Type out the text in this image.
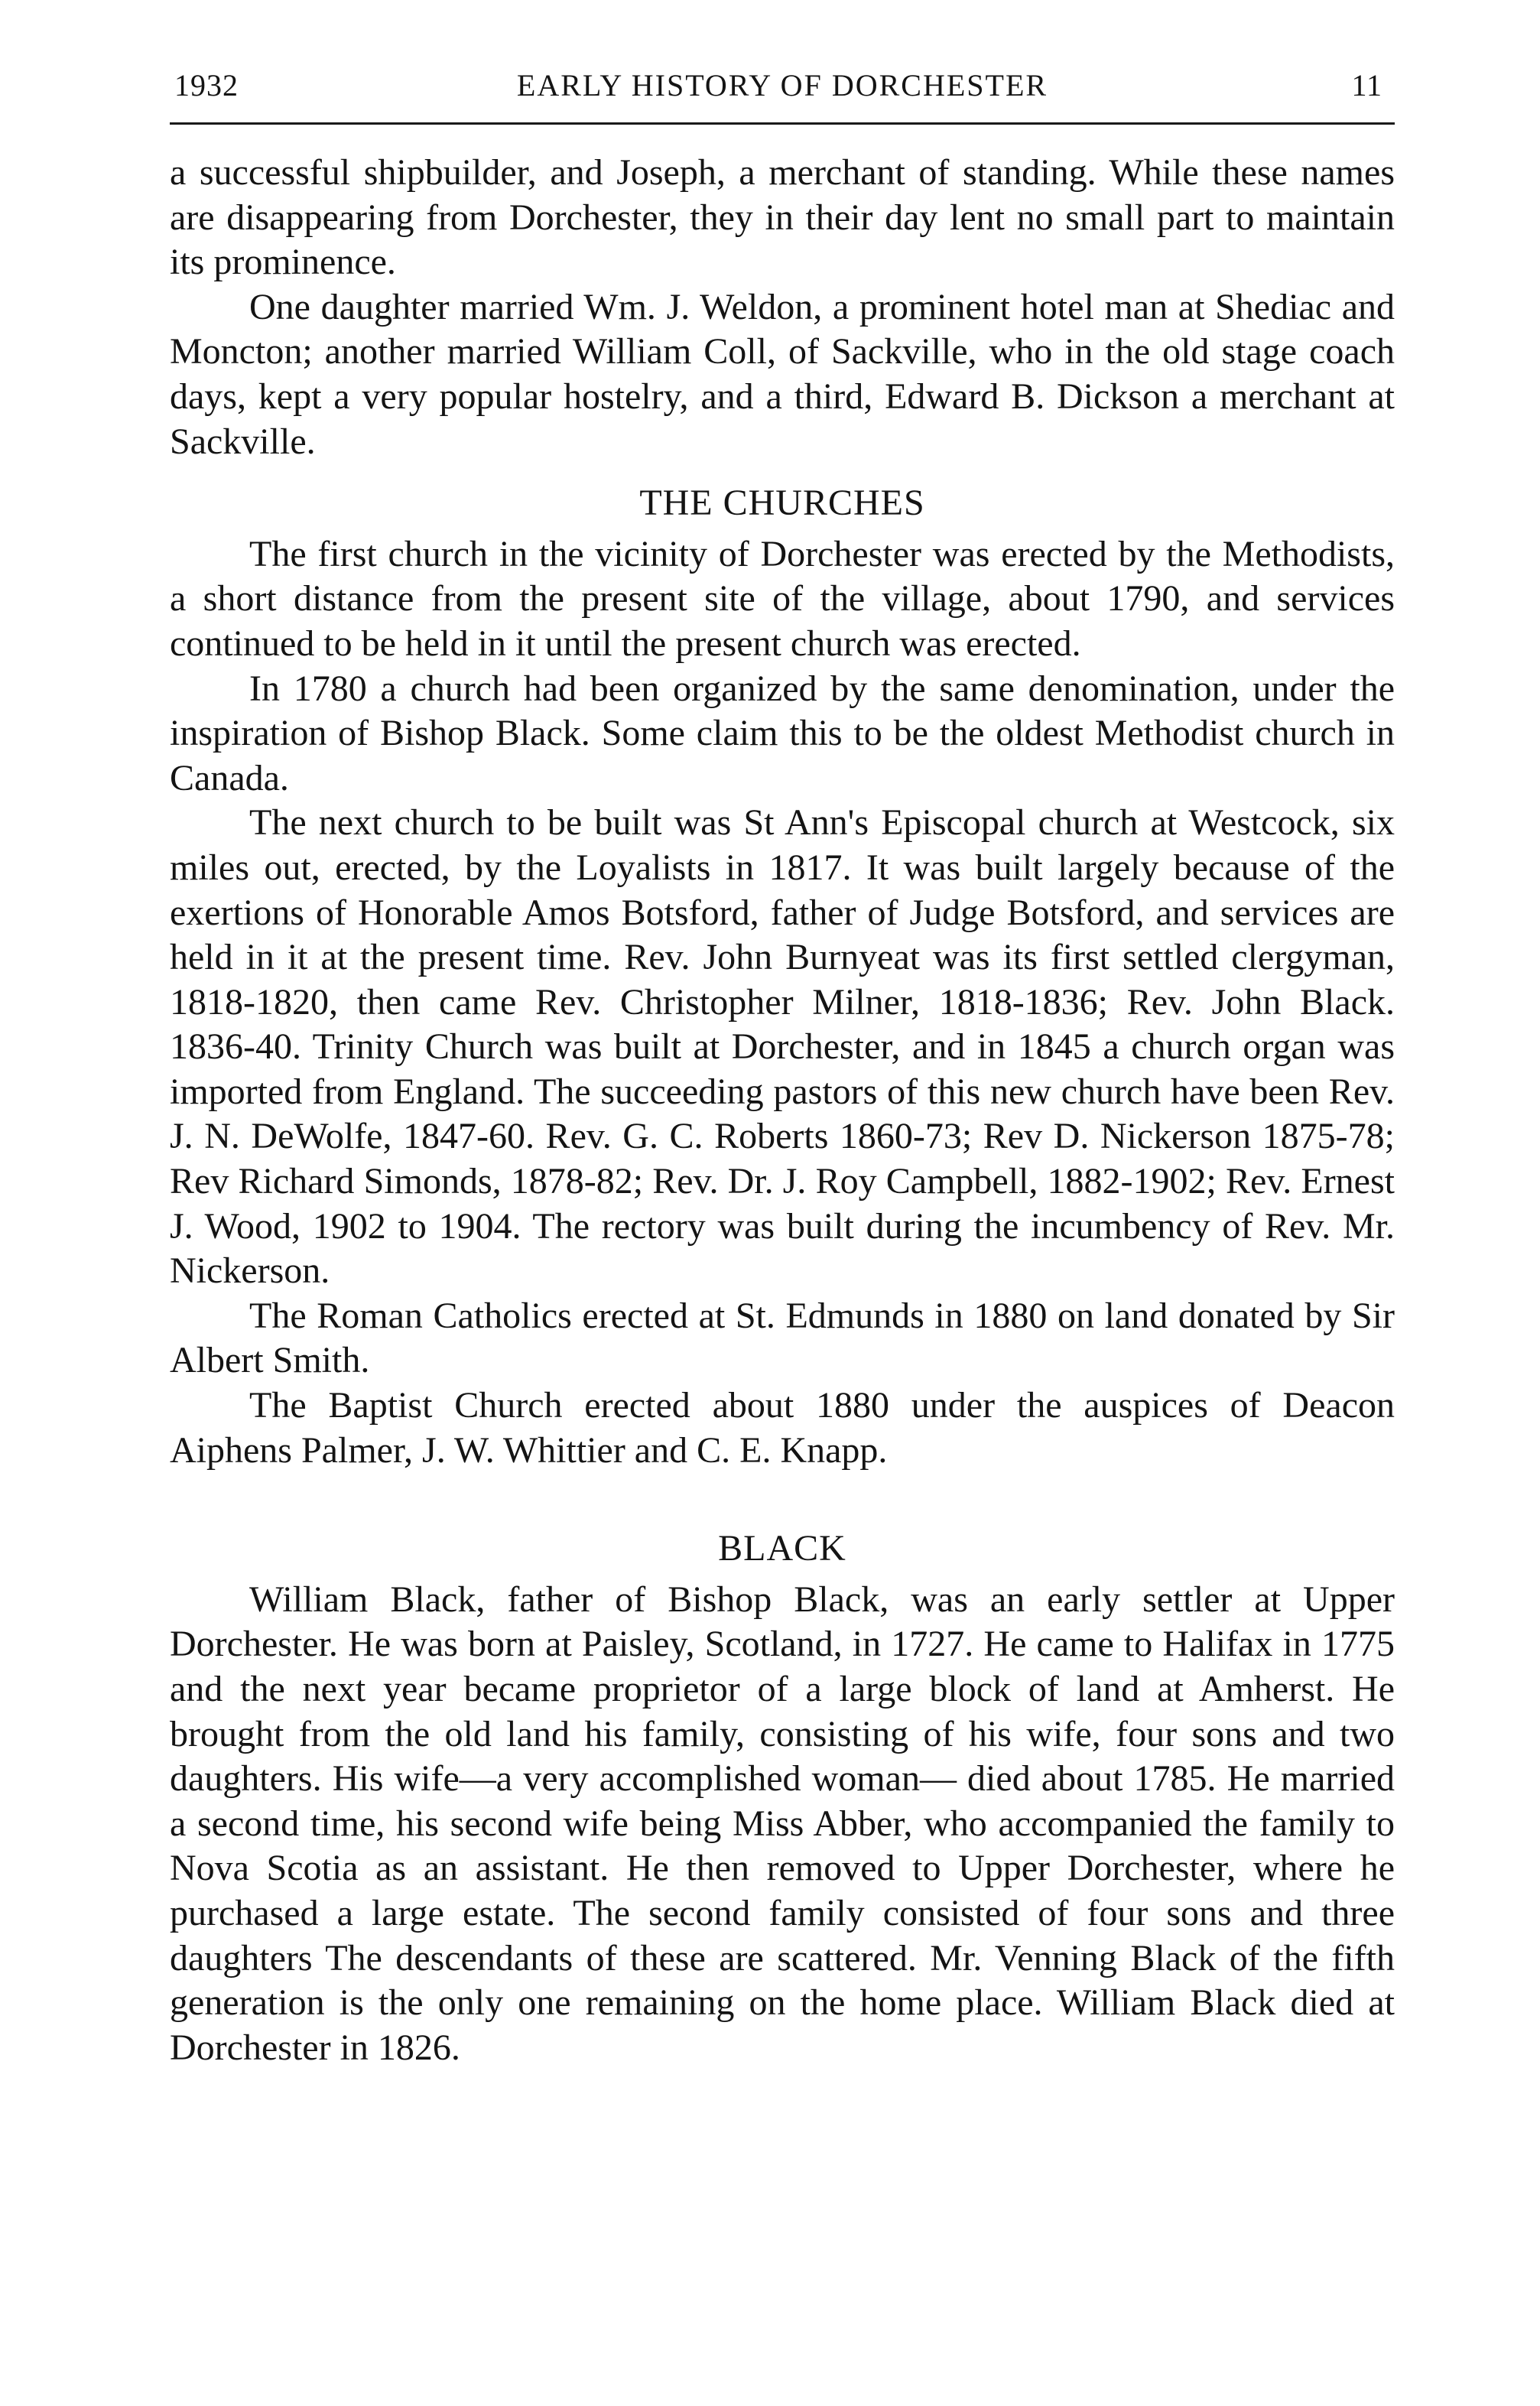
1932	EARLY HISTORY OF DORCHESTER	11

a successful shipbuilder, and Joseph, a merchant of standing. While these names are disappearing from Dorchester, they in their day lent no small part to maintain its prominence.

One daughter married Wm. J. Weldon, a prominent hotel man at Shediac and Moncton; another married William Coll, of Sackville, who in the old stage coach days, kept a very popular hostelry, and a third, Edward B. Dickson a merchant at Sackville.

THE CHURCHES

The first church in the vicinity of Dorchester was erected by the Methodists, a short distance from the present site of the village, about 1790, and services continued to be held in it until the present church was erected.

In 1780 a church had been organized by the same denomination, under the inspiration of Bishop Black. Some claim this to be the oldest Methodist church in Canada.

The next church to be built was St Ann's Episcopal church at Westcock, six miles out, erected, by the Loyalists in 1817. It was built largely because of the exertions of Honorable Amos Botsford, father of Judge Botsford, and services are held in it at the present time. Rev. John Burnyeat was its first settled clergyman, 1818-1820, then came Rev. Christopher Milner, 1818-1836; Rev. John Black. 1836-40. Trinity Church was built at Dorchester, and in 1845 a church organ was imported from England. The succeeding pastors of this new church have been Rev. J. N. DeWolfe, 1847-60. Rev. G. C. Roberts 1860-73; Rev D. Nickerson 1875-78; Rev Richard Simonds, 1878-82; Rev. Dr. J. Roy Campbell, 1882-1902; Rev. Ernest J. Wood, 1902 to 1904. The rectory was built during the incumbency of Rev. Mr. Nickerson.

The Roman Catholics erected at St. Edmunds in 1880 on land donated by Sir Albert Smith.

The Baptist Church erected about 1880 under the auspices of Deacon Aiphens Palmer, J. W. Whittier and C. E. Knapp.

BLACK

William Black, father of Bishop Black, was an early settler at Upper Dorchester. He was born at Paisley, Scotland, in 1727. He came to Halifax in 1775 and the next year became proprietor of a large block of land at Amherst. He brought from the old land his family, consisting of his wife, four sons and two daughters. His wife—a very accomplished woman— died about 1785. He married a second time, his second wife being Miss Abber, who accompanied the family to Nova Scotia as an assistant. He then removed to Upper Dorchester, where he purchased a large estate. The second family consisted of four sons and three daughters The descendants of these are scattered. Mr. Venning Black of the fifth generation is the only one remaining on the home place. William Black died at Dorchester in 1826.
